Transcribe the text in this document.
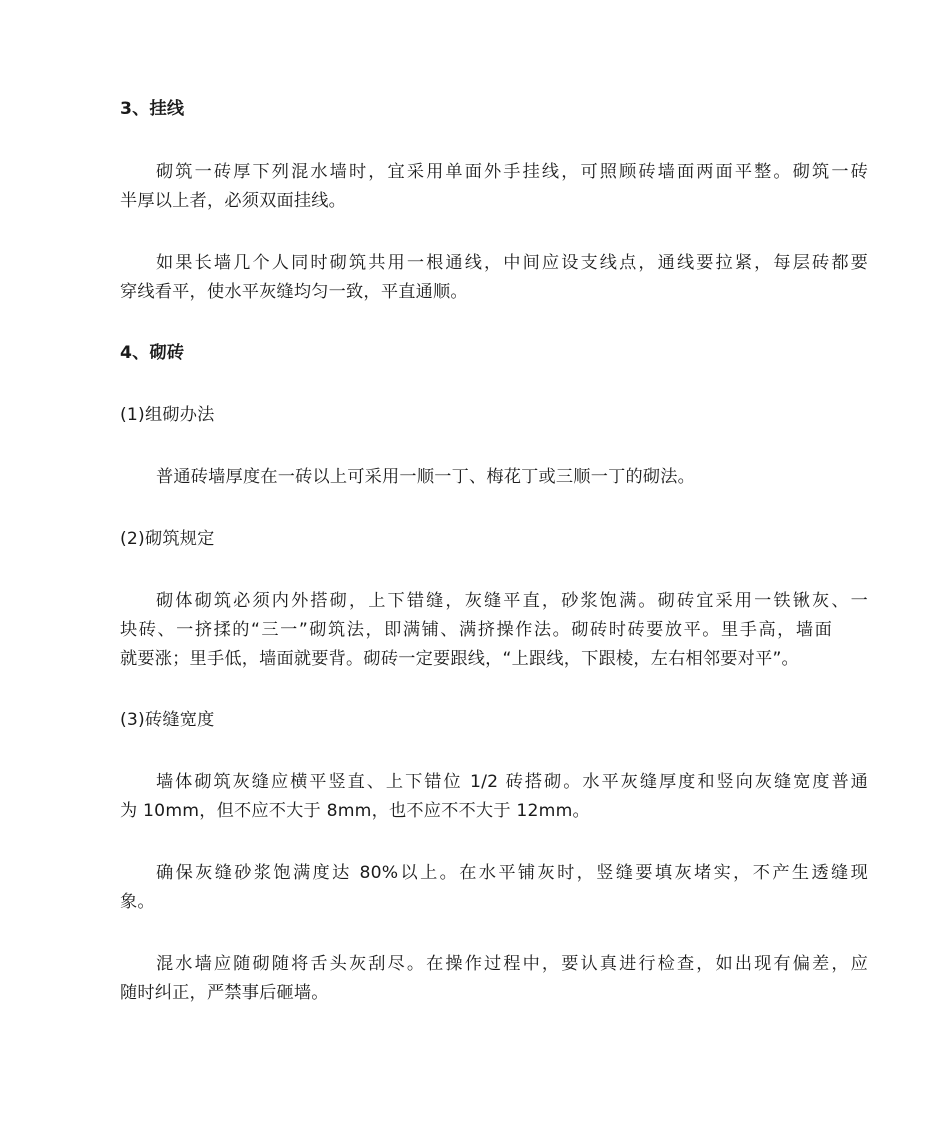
3、挂线
砌筑一砖厚下列混水墙时，宜采用单面外手挂线，可照顾砖墙面两面平整。砌筑一砖
半厚以上者，必须双面挂线。
如果长墙几个人同时砌筑共用一根通线，中间应设支线点，通线要拉紧，每层砖都要
穿线看平，使水平灰缝均匀一致，平直通顺。
4、砌砖
(1)组砌办法
普通砖墙厚度在一砖以上可采用一顺一丁、梅花丁或三顺一丁的砌法。
(2)砌筑规定
砌体砌筑必须内外搭砌，上下错缝，灰缝平直，砂浆饱满。砌砖宜采用一铁锹灰、一
块砖、一挤揉的“三一”砌筑法，即满铺、满挤操作法。砌砖时砖要放平。里手高，墙面
就要涨；里手低，墙面就要背。砌砖一定要跟线，“上跟线，下跟棱，左右相邻要对平”。
(3)砖缝宽度
墙体砌筑灰缝应横平竖直、上下错位 1/2 砖搭砌。水平灰缝厚度和竖向灰缝宽度普通
为 10mm，但不应不大于 8mm，也不应不不大于 12mm。
确保灰缝砂浆饱满度达 80%以上。在水平铺灰时，竖缝要填灰堵实，不产生透缝现
象。
混水墙应随砌随将舌头灰刮尽。在操作过程中，要认真进行检查，如出现有偏差，应
随时纠正，严禁事后砸墙。
